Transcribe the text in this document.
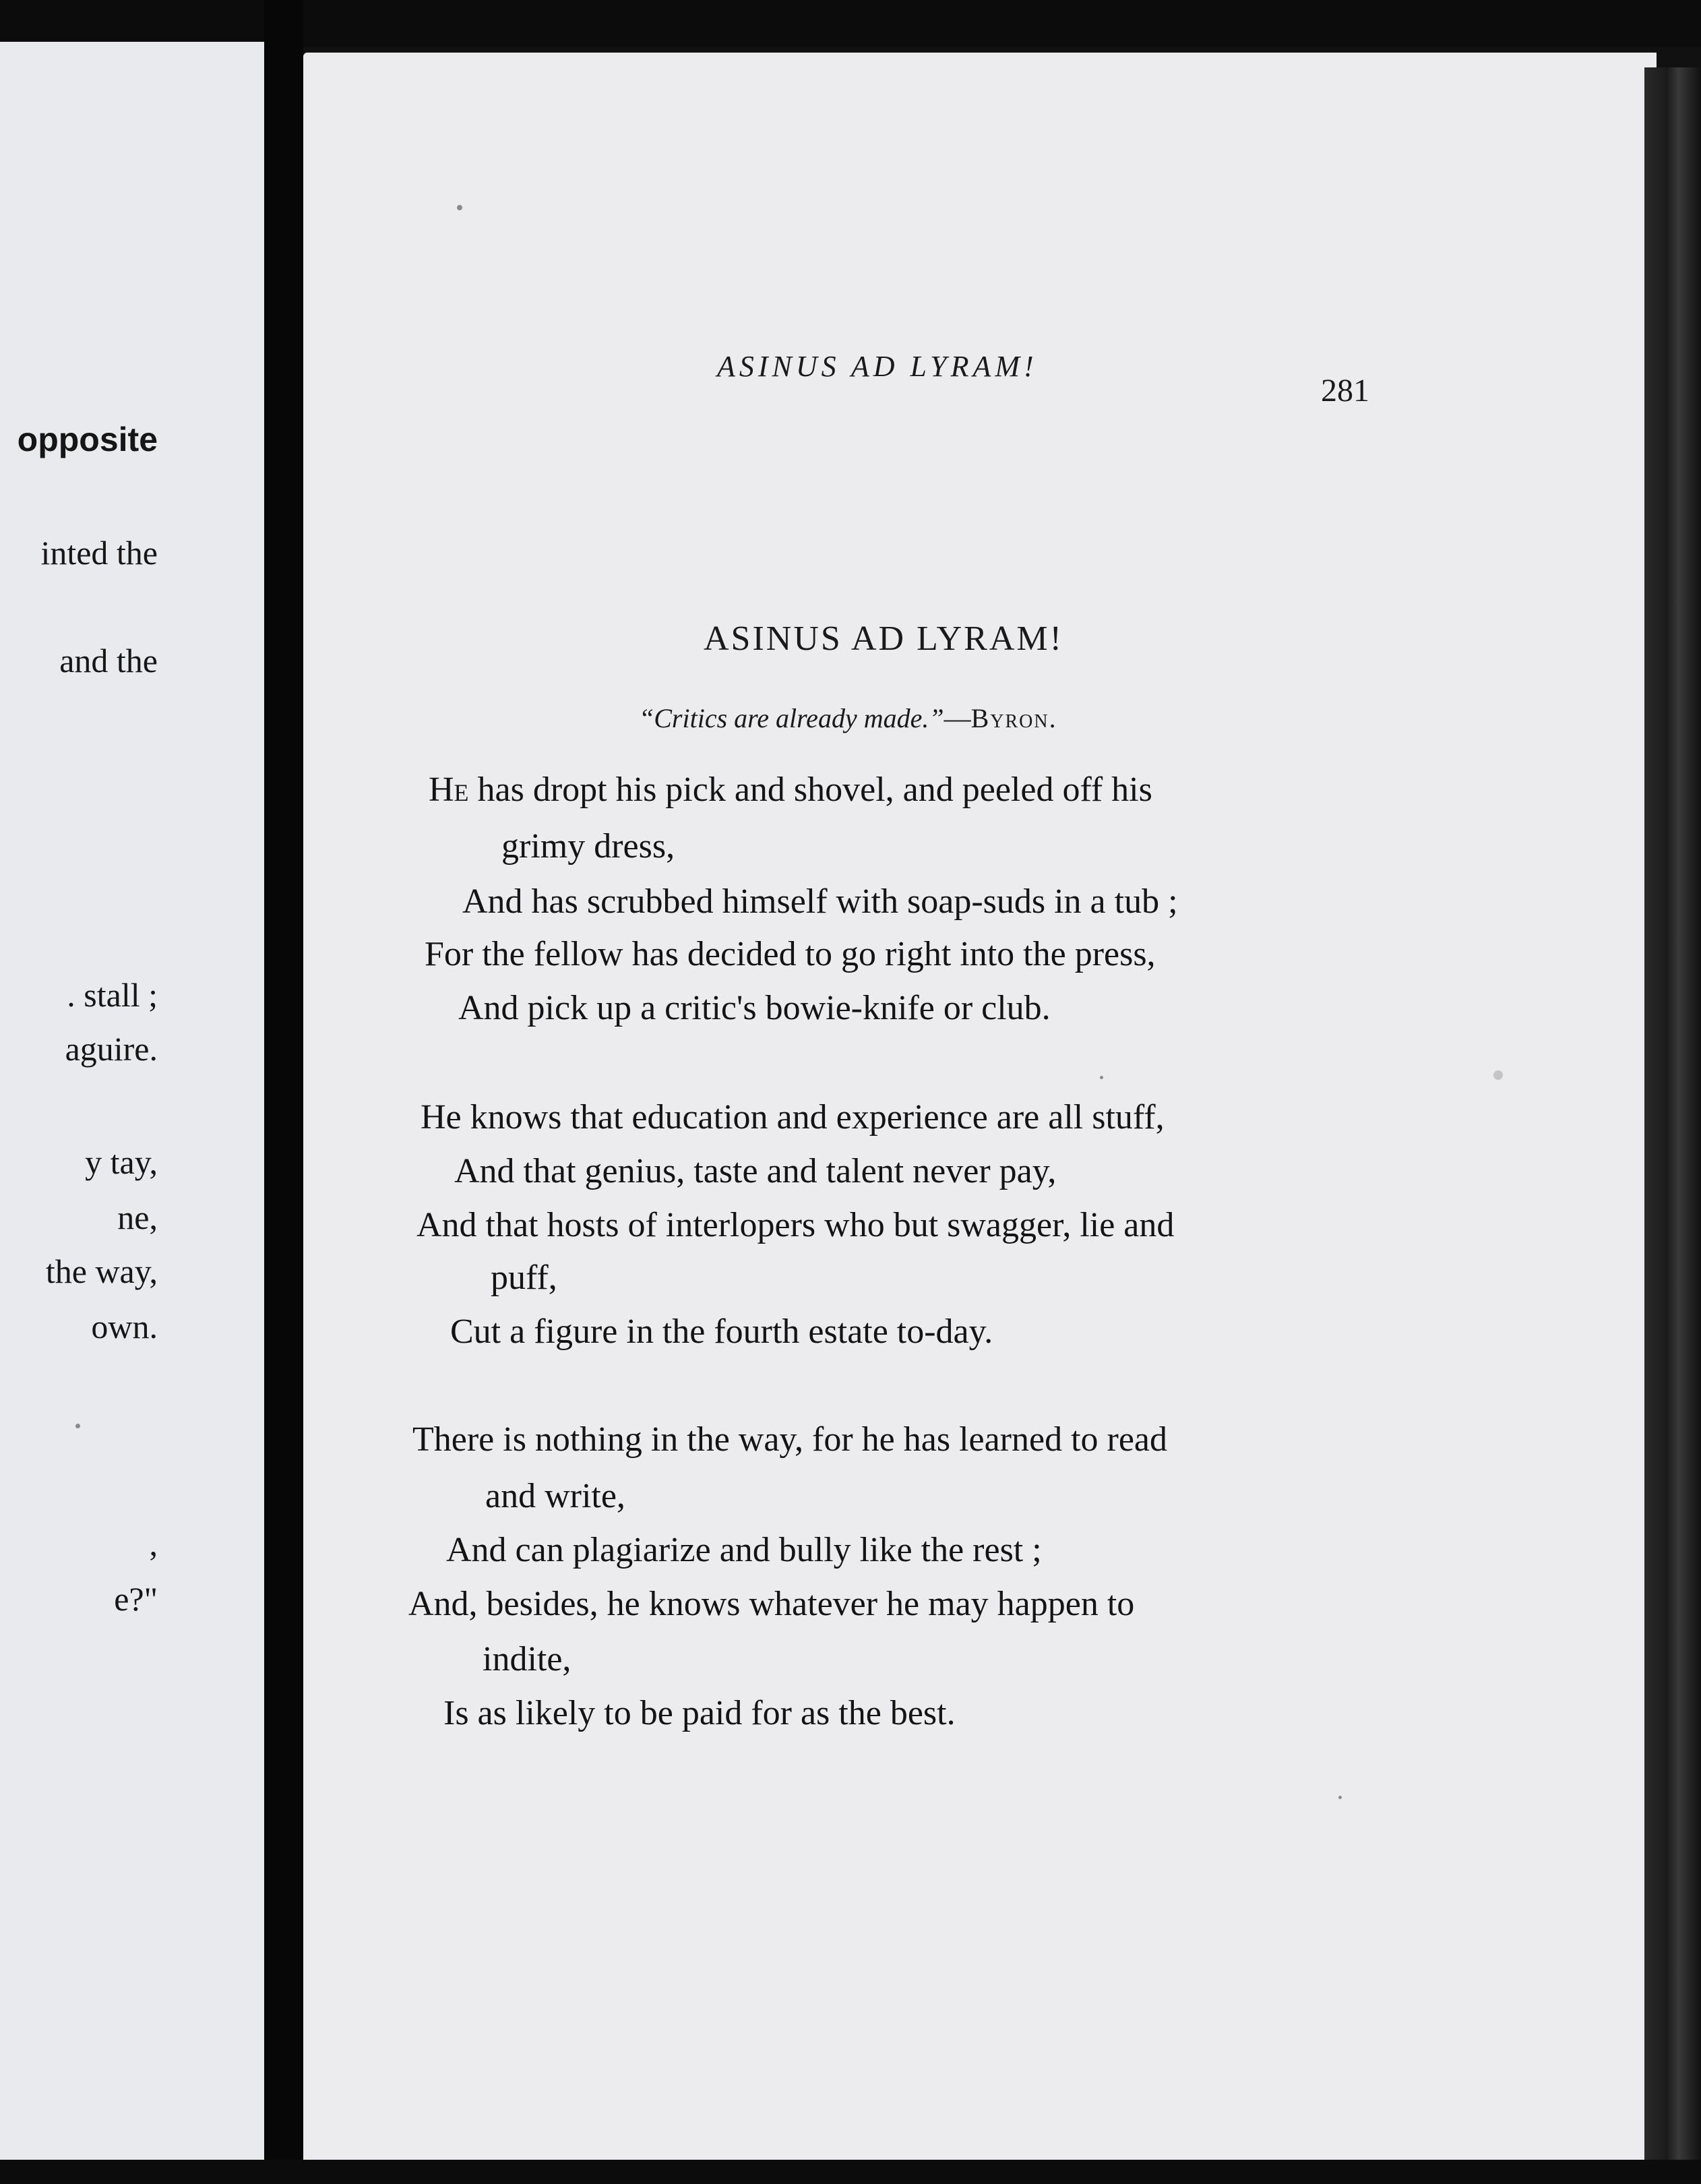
opposite
inted the
and the
. stall ;
aguire.
y tay,
ne,
the way,
own.
,
e?"
ASINUS AD LYRAM!
281
ASINUS AD LYRAM!
“Critics are already made.”—Byron.
He has dropt his pick and shovel, and peeled off his
grimy dress,
And has scrubbed himself with soap-suds in a tub ;
For the fellow has decided to go right into the press,
And pick up a critic's bowie-knife or club.
He knows that education and experience are all stuff,
And that genius, taste and talent never pay,
And that hosts of interlopers who but swagger, lie and
puff,
Cut a figure in the fourth estate to-day.
There is nothing in the way, for he has learned to read
and write,
And can plagiarize and bully like the rest ;
And, besides, he knows whatever he may happen to
indite,
Is as likely to be paid for as the best.
